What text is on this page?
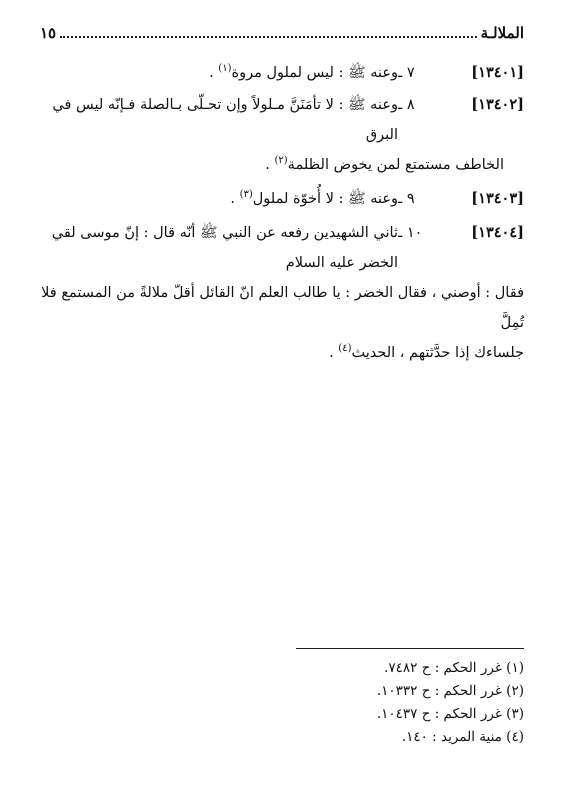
الملالـة
١٥
[١٣٤٠١]
٧ ـ
وعنه ﷺ : ليس لملول مروة$^{(١)}$ .
[١٣٤٠٢]
٨ ـ
وعنه ﷺ : لا تأمَنَنَّ مـلولاً وإن تحـلّى بـالصلة فـإنّه ليس في البرق
الخاطف مستمتع لمن يخوض الظلمة$^{(٢)}$ .
[١٣٤٠٣]
٩ ـ
وعنه ﷺ : لا أُخوّة لملول$^{(٣)}$ .
[١٣٤٠٤]
١٠ ـ
ثاني الشهيدين رفعه عن النبي ﷺ أنّه قال : إنّ موسى لقي الخضر عليه السلام
فقال : أوصني ، فقال الخضر : يا طالب العلم انّ القائل أقلّ ملالةً من المستمع فلا تُمِلَّ
جلساءك إذا حدَّثتهم ، الحديث$^{(٤)}$ .
(١) غرر الحكم : ح ٧٤٨٢.
(٢) غرر الحكم : ح ١٠٣٣٢.
(٣) غرر الحكم : ح ١٠٤٣٧.
(٤) منية المريد : ١٤٠.
